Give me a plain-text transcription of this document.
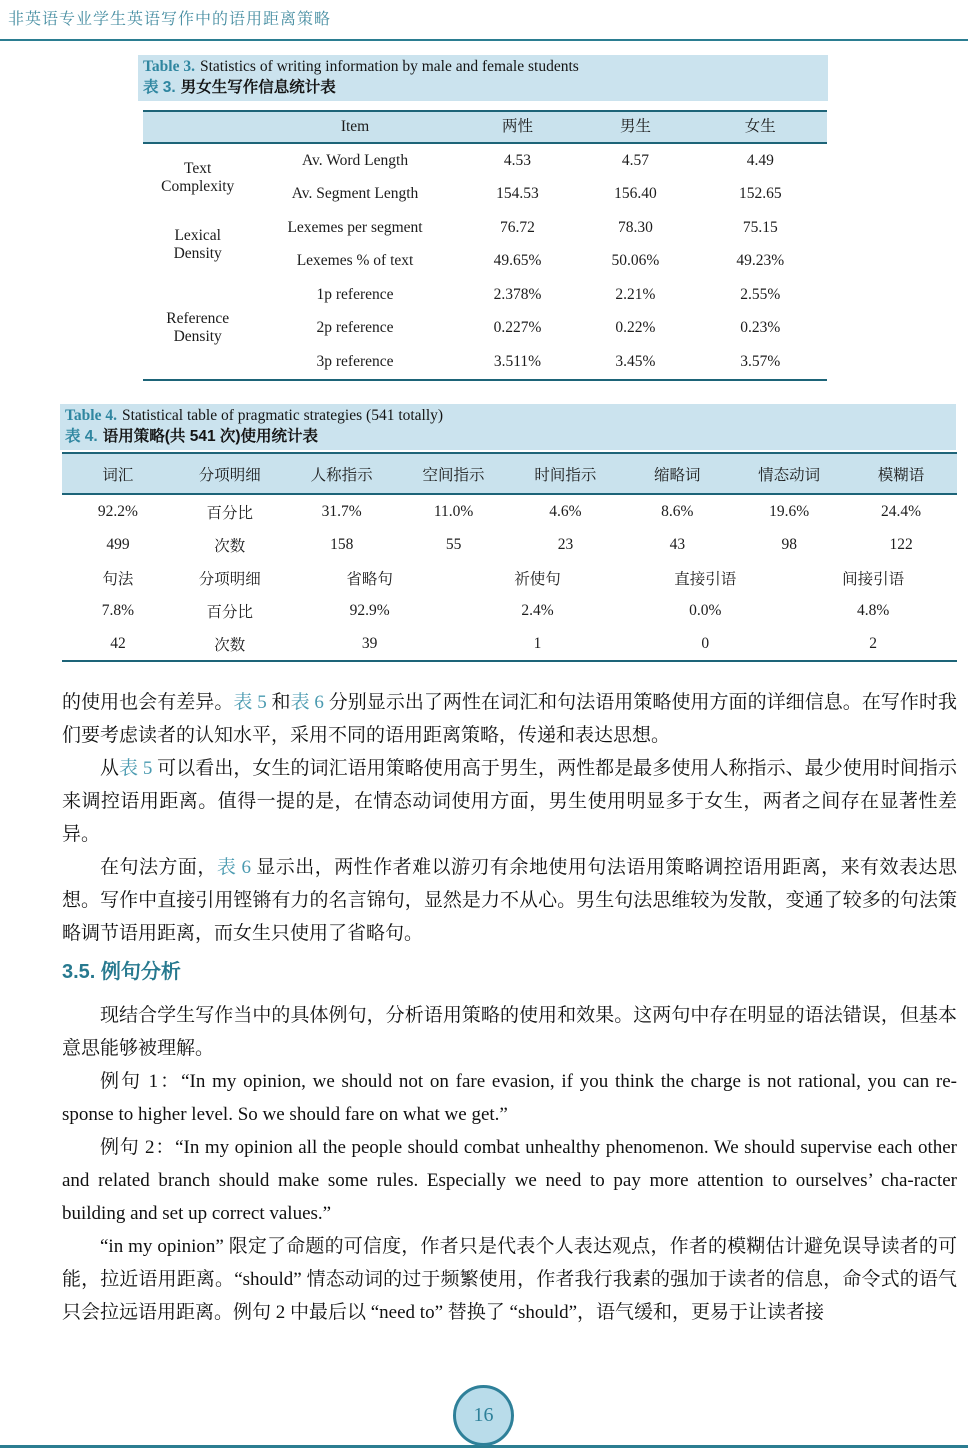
非英语专业学生英语写作中的语用距离策略
Table 3. Statistics of writing information by male and female students
表 3. 男女生写作信息统计表
Item	两性	男生	女生
Text Complexity
Av. Word Length	4.53	4.57	4.49
Av. Segment Length	154.53	156.40	152.65
Lexical Density
Lexemes per segment	76.72	78.30	75.15
Lexemes % of text	49.65%	50.06%	49.23%
Reference Density
1p reference	2.378%	2.21%	2.55%
2p reference	0.227%	0.22%	0.23%
3p reference	3.511%	3.45%	3.57%
Table 4. Statistical table of pragmatic strategies (541 totally)
表 4. 语用策略(共 541 次)使用统计表
词汇	分项明细	人称指示	空间指示	时间指示	缩略词	情态动词	模糊语
92.2%	百分比	31.7%	11.0%	4.6%	8.6%	19.6%	24.4%
499	次数	158	55	23	43	98	122
句法	分项明细	省略句	祈使句	直接引语	间接引语
7.8%	百分比	92.9%	2.4%	0.0%	4.8%
42	次数	39	1	0	2

的使用也会有差异。表 5 和表 6 分别显示出了两性在词汇和句法语用策略使用方面的详细信息。在写作时我们要考虑读者的认知水平，采用不同的语用距离策略，传递和表达思想。

从表 5 可以看出，女生的词汇语用策略使用高于男生，两性都是最多使用人称指示、最少使用时间指示来调控语用距离。值得一提的是，在情态动词使用方面，男生使用明显多于女生，两者之间存在显著性差异。

在句法方面，表 6 显示出，两性作者难以游刃有余地使用句法语用策略调控语用距离，来有效表达思想。写作中直接引用铿锵有力的名言锦句，显然是力不从心。男生句法思维较为发散，变通了较多的句法策略调节语用距离，而女生只使用了省略句。

3.5. 例句分析

现结合学生写作当中的具体例句，分析语用策略的使用和效果。这两句中存在明显的语法错误，但基本意思能够被理解。

例句 1：“In my opinion, we should not on fare evasion, if you think the charge is not rational, you can re-sponse to higher level. So we should fare on what we get.”

例句 2：“In my opinion all the people should combat unhealthy phenomenon. We should supervise each other and related branch should make some rules. Especially we need to pay more attention to ourselves’ cha-racter building and set up correct values.”

“in my opinion” 限定了命题的可信度，作者只是代表个人表达观点，作者的模糊估计避免误导读者的可能，拉近语用距离。“should” 情态动词的过于频繁使用，作者我行我素的强加于读者的信息，命令式的语气只会拉远语用距离。例句 2 中最后以 “need to” 替换了 “should”，语气缓和，更易于让读者接

16
